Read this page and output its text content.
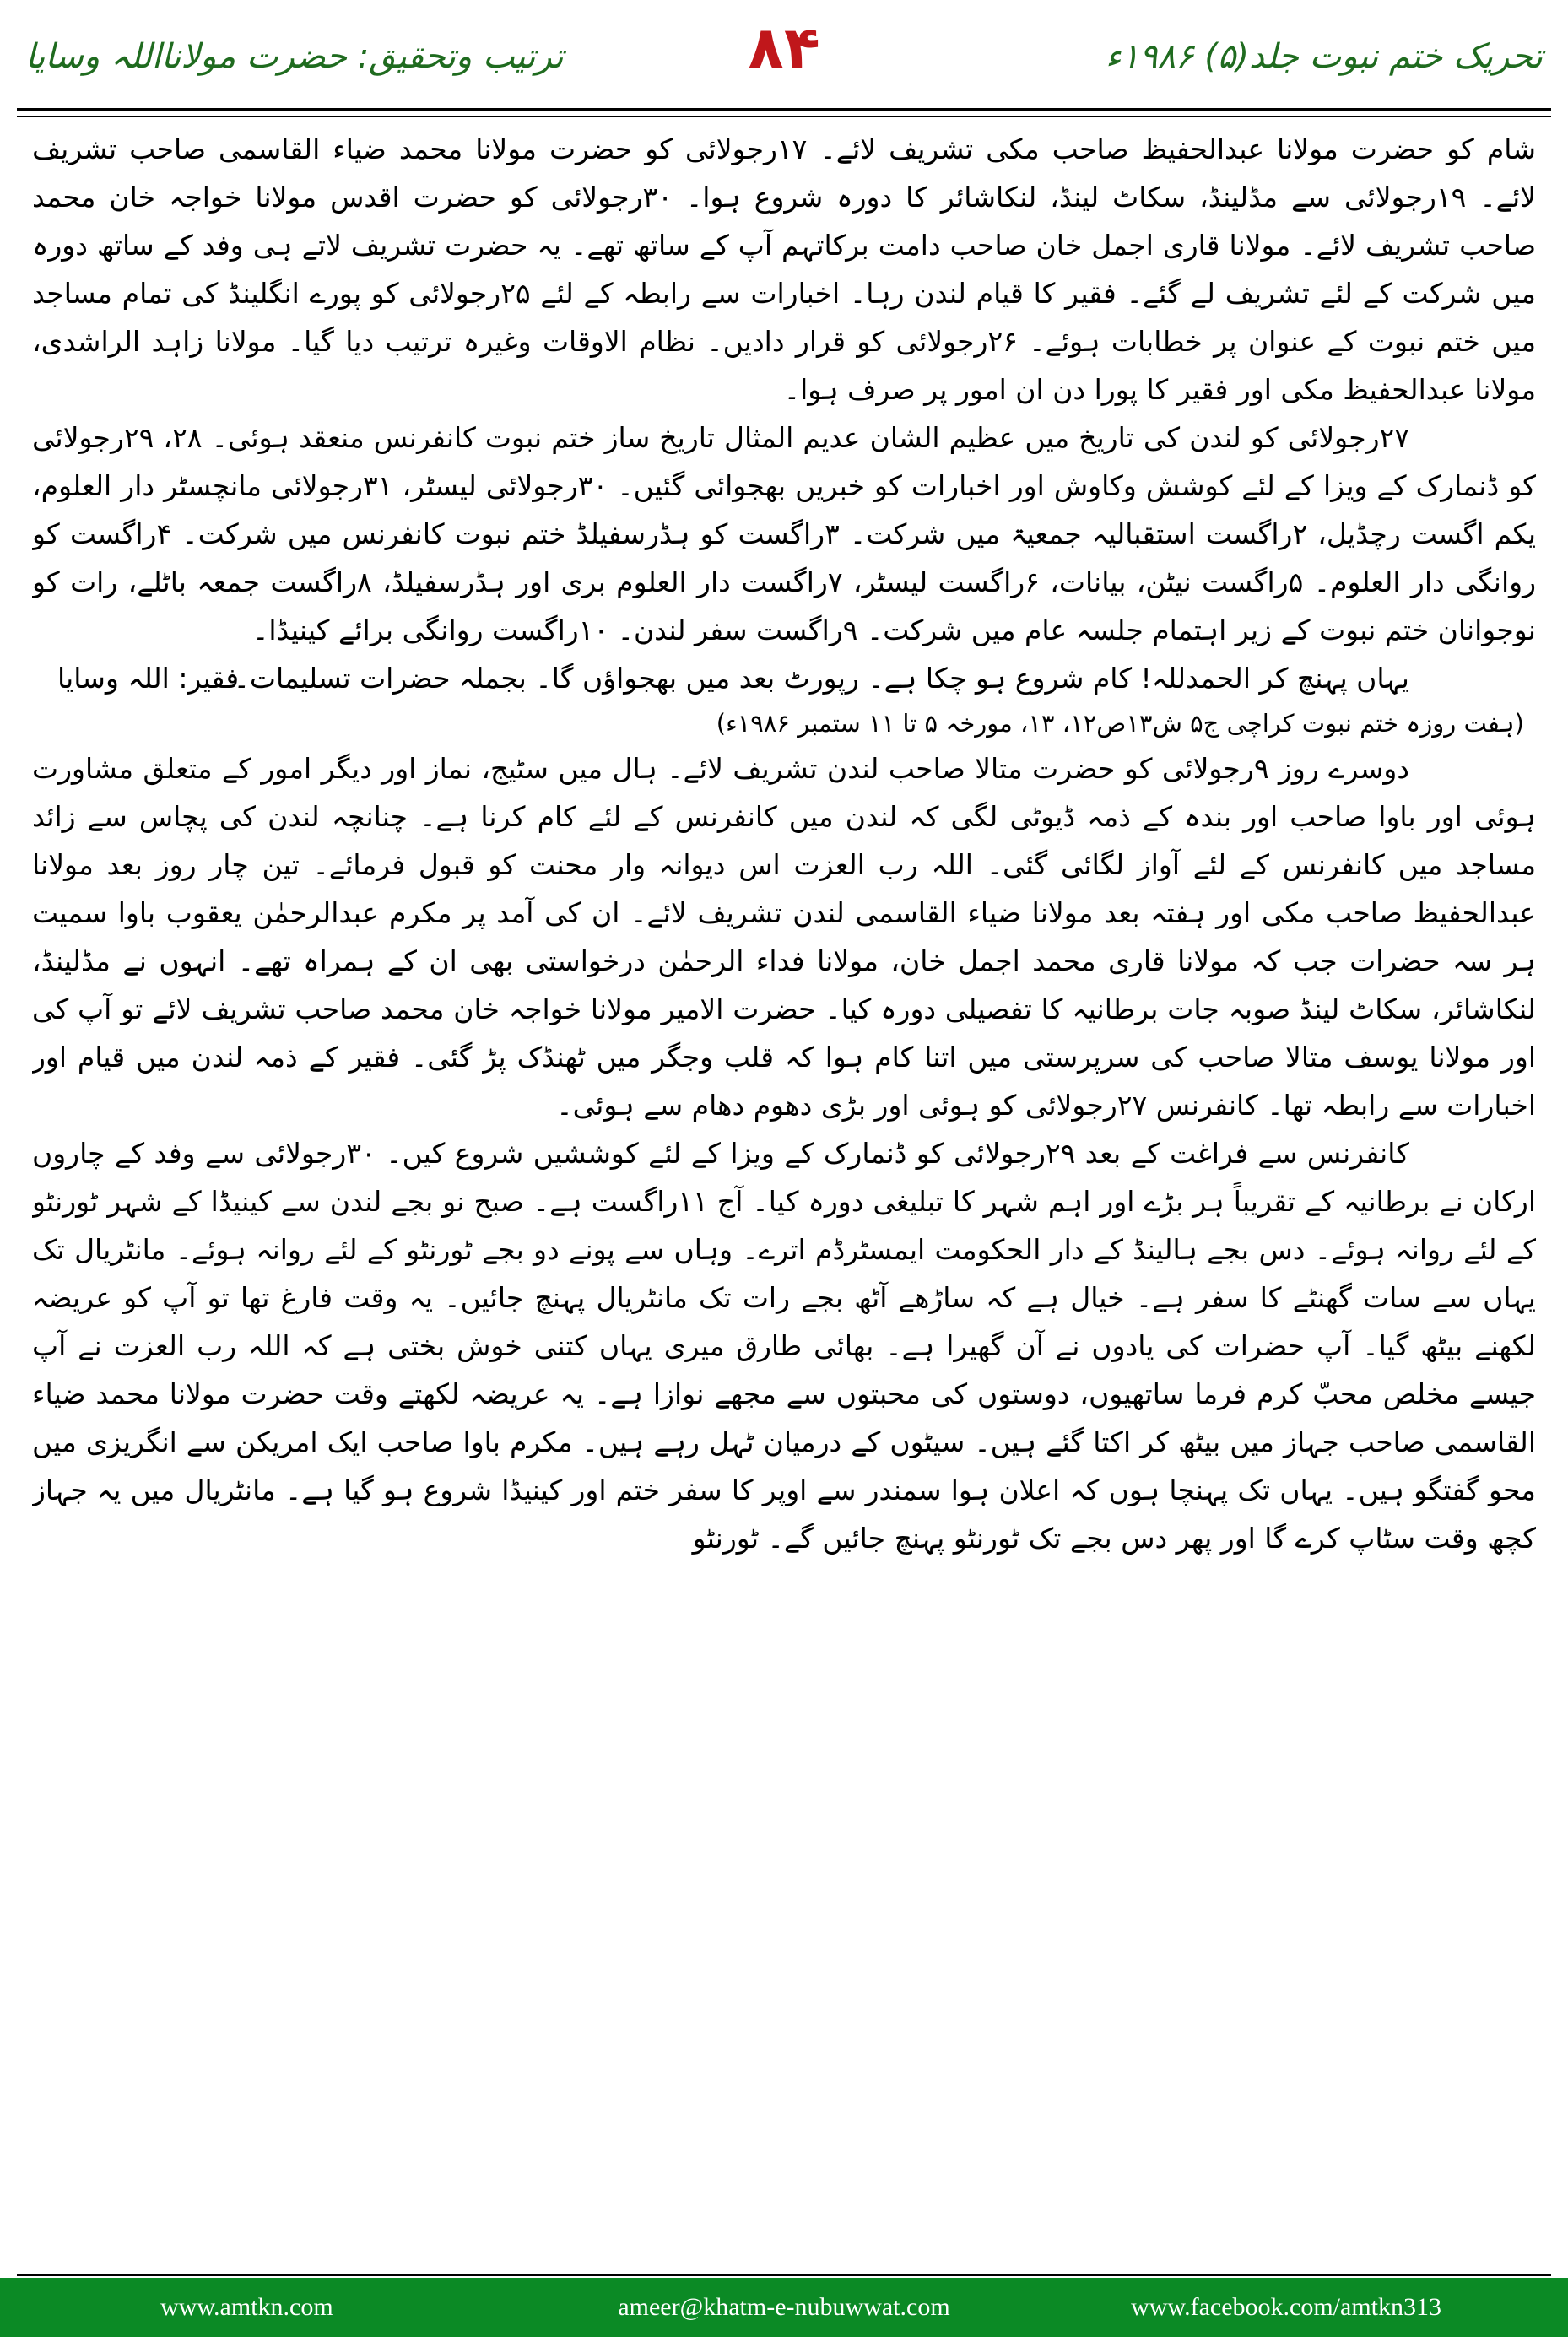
تحریک ختم نبوت جلد(۵) ۱۹۸۶ء
۸۴
ترتیب وتحقیق: حضرت مولانااللہ وسایا

شام کو حضرت مولانا عبدالحفیظ صاحب مکی تشریف لائے۔ ۱۷رجولائی کو حضرت مولانا محمد ضیاء القاسمی صاحب تشریف لائے۔ ۱۹رجولائی سے مڈلینڈ، سکاٹ لینڈ، لنکاشائر کا دورہ شروع ہوا۔ ۳۰رجولائی کو حضرت اقدس مولانا خواجہ خان محمد صاحب تشریف لائے۔ مولانا قاری اجمل خان صاحب دامت برکاتہم آپ کے ساتھ تھے۔ یہ حضرت تشریف لاتے ہی وفد کے ساتھ دورہ میں شرکت کے لئے تشریف لے گئے۔ فقیر کا قیام لندن رہا۔ اخبارات سے رابطہ کے لئے ۲۵رجولائی کو پورے انگلینڈ کی تمام مساجد میں ختم نبوت کے عنوان پر خطابات ہوئے۔ ۲۶رجولائی کو قرار دادیں۔ نظام الاوقات وغیرہ ترتیب دیا گیا۔ مولانا زاہد الراشدی، مولانا عبدالحفیظ مکی اور فقیر کا پورا دن ان امور پر صرف ہوا۔

۲۷رجولائی کو لندن کی تاریخ میں عظیم الشان عدیم المثال تاریخ ساز ختم نبوت کانفرنس منعقد ہوئی۔ ۲۸، ۲۹رجولائی کو ڈنمارک کے ویزا کے لئے کوشش وکاوش اور اخبارات کو خبریں بھجوائی گئیں۔ ۳۰رجولائی لیسٹر، ۳۱رجولائی مانچسٹر دار العلوم، یکم اگست رچڈیل، ۲راگست استقبالیہ جمعیۃ میں شرکت۔ ۳راگست کو ہڈرسفیلڈ ختم نبوت کانفرنس میں شرکت۔ ۴راگست کو روانگی دار العلوم۔ ۵راگست نیٹن، بیانات، ۶راگست لیسٹر، ۷راگست دار العلوم بری اور ہڈرسفیلڈ، ۸راگست جمعہ باٹلے، رات کو نوجوانان ختم نبوت کے زیر اہتمام جلسہ عام میں شرکت۔ ۹راگست سفر لندن۔ ۱۰راگست روانگی برائے کینیڈا۔

یہاں پہنچ کر الحمدللہ! کام شروع ہو چکا ہے۔ رپورٹ بعد میں بھجواؤں گا۔ بجملہ حضرات تسلیمات۔

فقیر: اللہ وسایا

(ہفت روزہ ختم نبوت کراچی ج۵ ش۱۳ص۱۲، ۱۳، مورخہ ۵ تا ۱۱ ستمبر ۱۹۸۶ء)

دوسرے روز ۹رجولائی کو حضرت متالا صاحب لندن تشریف لائے۔ ہال میں سٹیج، نماز اور دیگر امور کے متعلق مشاورت ہوئی اور باوا صاحب اور بندہ کے ذمہ ڈیوٹی لگی کہ لندن میں کانفرنس کے لئے کام کرنا ہے۔ چنانچہ لندن کی پچاس سے زائد مساجد میں کانفرنس کے لئے آواز لگائی گئی۔ اللہ رب العزت اس دیوانہ وار محنت کو قبول فرمائے۔ تین چار روز بعد مولانا عبدالحفیظ صاحب مکی اور ہفتہ بعد مولانا ضیاء القاسمی لندن تشریف لائے۔ ان کی آمد پر مکرم عبدالرحمٰن یعقوب باوا سمیت ہر سہ حضرات جب کہ مولانا قاری محمد اجمل خان، مولانا فداء الرحمٰن درخواستی بھی ان کے ہمراہ تھے۔ انہوں نے مڈلینڈ، لنکاشائر، سکاٹ لینڈ صوبہ جات برطانیہ کا تفصیلی دورہ کیا۔ حضرت الامیر مولانا خواجہ خان محمد صاحب تشریف لائے تو آپ کی اور مولانا یوسف متالا صاحب کی سرپرستی میں اتنا کام ہوا کہ قلب وجگر میں ٹھنڈک پڑ گئی۔ فقیر کے ذمہ لندن میں قیام اور اخبارات سے رابطہ تھا۔ کانفرنس ۲۷رجولائی کو ہوئی اور بڑی دھوم دھام سے ہوئی۔

کانفرنس سے فراغت کے بعد ۲۹رجولائی کو ڈنمارک کے ویزا کے لئے کوششیں شروع کیں۔ ۳۰رجولائی سے وفد کے چاروں ارکان نے برطانیہ کے تقریباً ہر بڑے اور اہم شہر کا تبلیغی دورہ کیا۔ آج ۱۱راگست ہے۔ صبح نو بجے لندن سے کینیڈا کے شہر ٹورنٹو کے لئے روانہ ہوئے۔ دس بجے ہالینڈ کے دار الحکومت ایمسٹرڈم اترے۔ وہاں سے پونے دو بجے ٹورنٹو کے لئے روانہ ہوئے۔ مانٹریال تک یہاں سے سات گھنٹے کا سفر ہے۔ خیال ہے کہ ساڑھے آٹھ بجے رات تک مانٹریال پہنچ جائیں۔ یہ وقت فارغ تھا تو آپ کو عریضہ لکھنے بیٹھ گیا۔ آپ حضرات کی یادوں نے آن گھیرا ہے۔ بھائی طارق میری یہاں کتنی خوش بختی ہے کہ اللہ رب العزت نے آپ جیسے مخلص محبّ کرم فرما ساتھیوں، دوستوں کی محبتوں سے مجھے نوازا ہے۔ یہ عریضہ لکھتے وقت حضرت مولانا محمد ضیاء القاسمی صاحب جہاز میں بیٹھ کر اکتا گئے ہیں۔ سیٹوں کے درمیان ٹہل رہے ہیں۔ مکرم باوا صاحب ایک امریکن سے انگریزی میں محو گفتگو ہیں۔ یہاں تک پہنچا ہوں کہ اعلان ہوا سمندر سے اوپر کا سفر ختم اور کینیڈا شروع ہو گیا ہے۔ مانٹریال میں یہ جہاز کچھ وقت سٹاپ کرے گا اور پھر دس بجے تک ٹورنٹو پہنچ جائیں گے۔ ٹورنٹو

www.amtkn.com	ameer@khatm-e-nubuwwat.com	www.facebook.com/amtkn313
